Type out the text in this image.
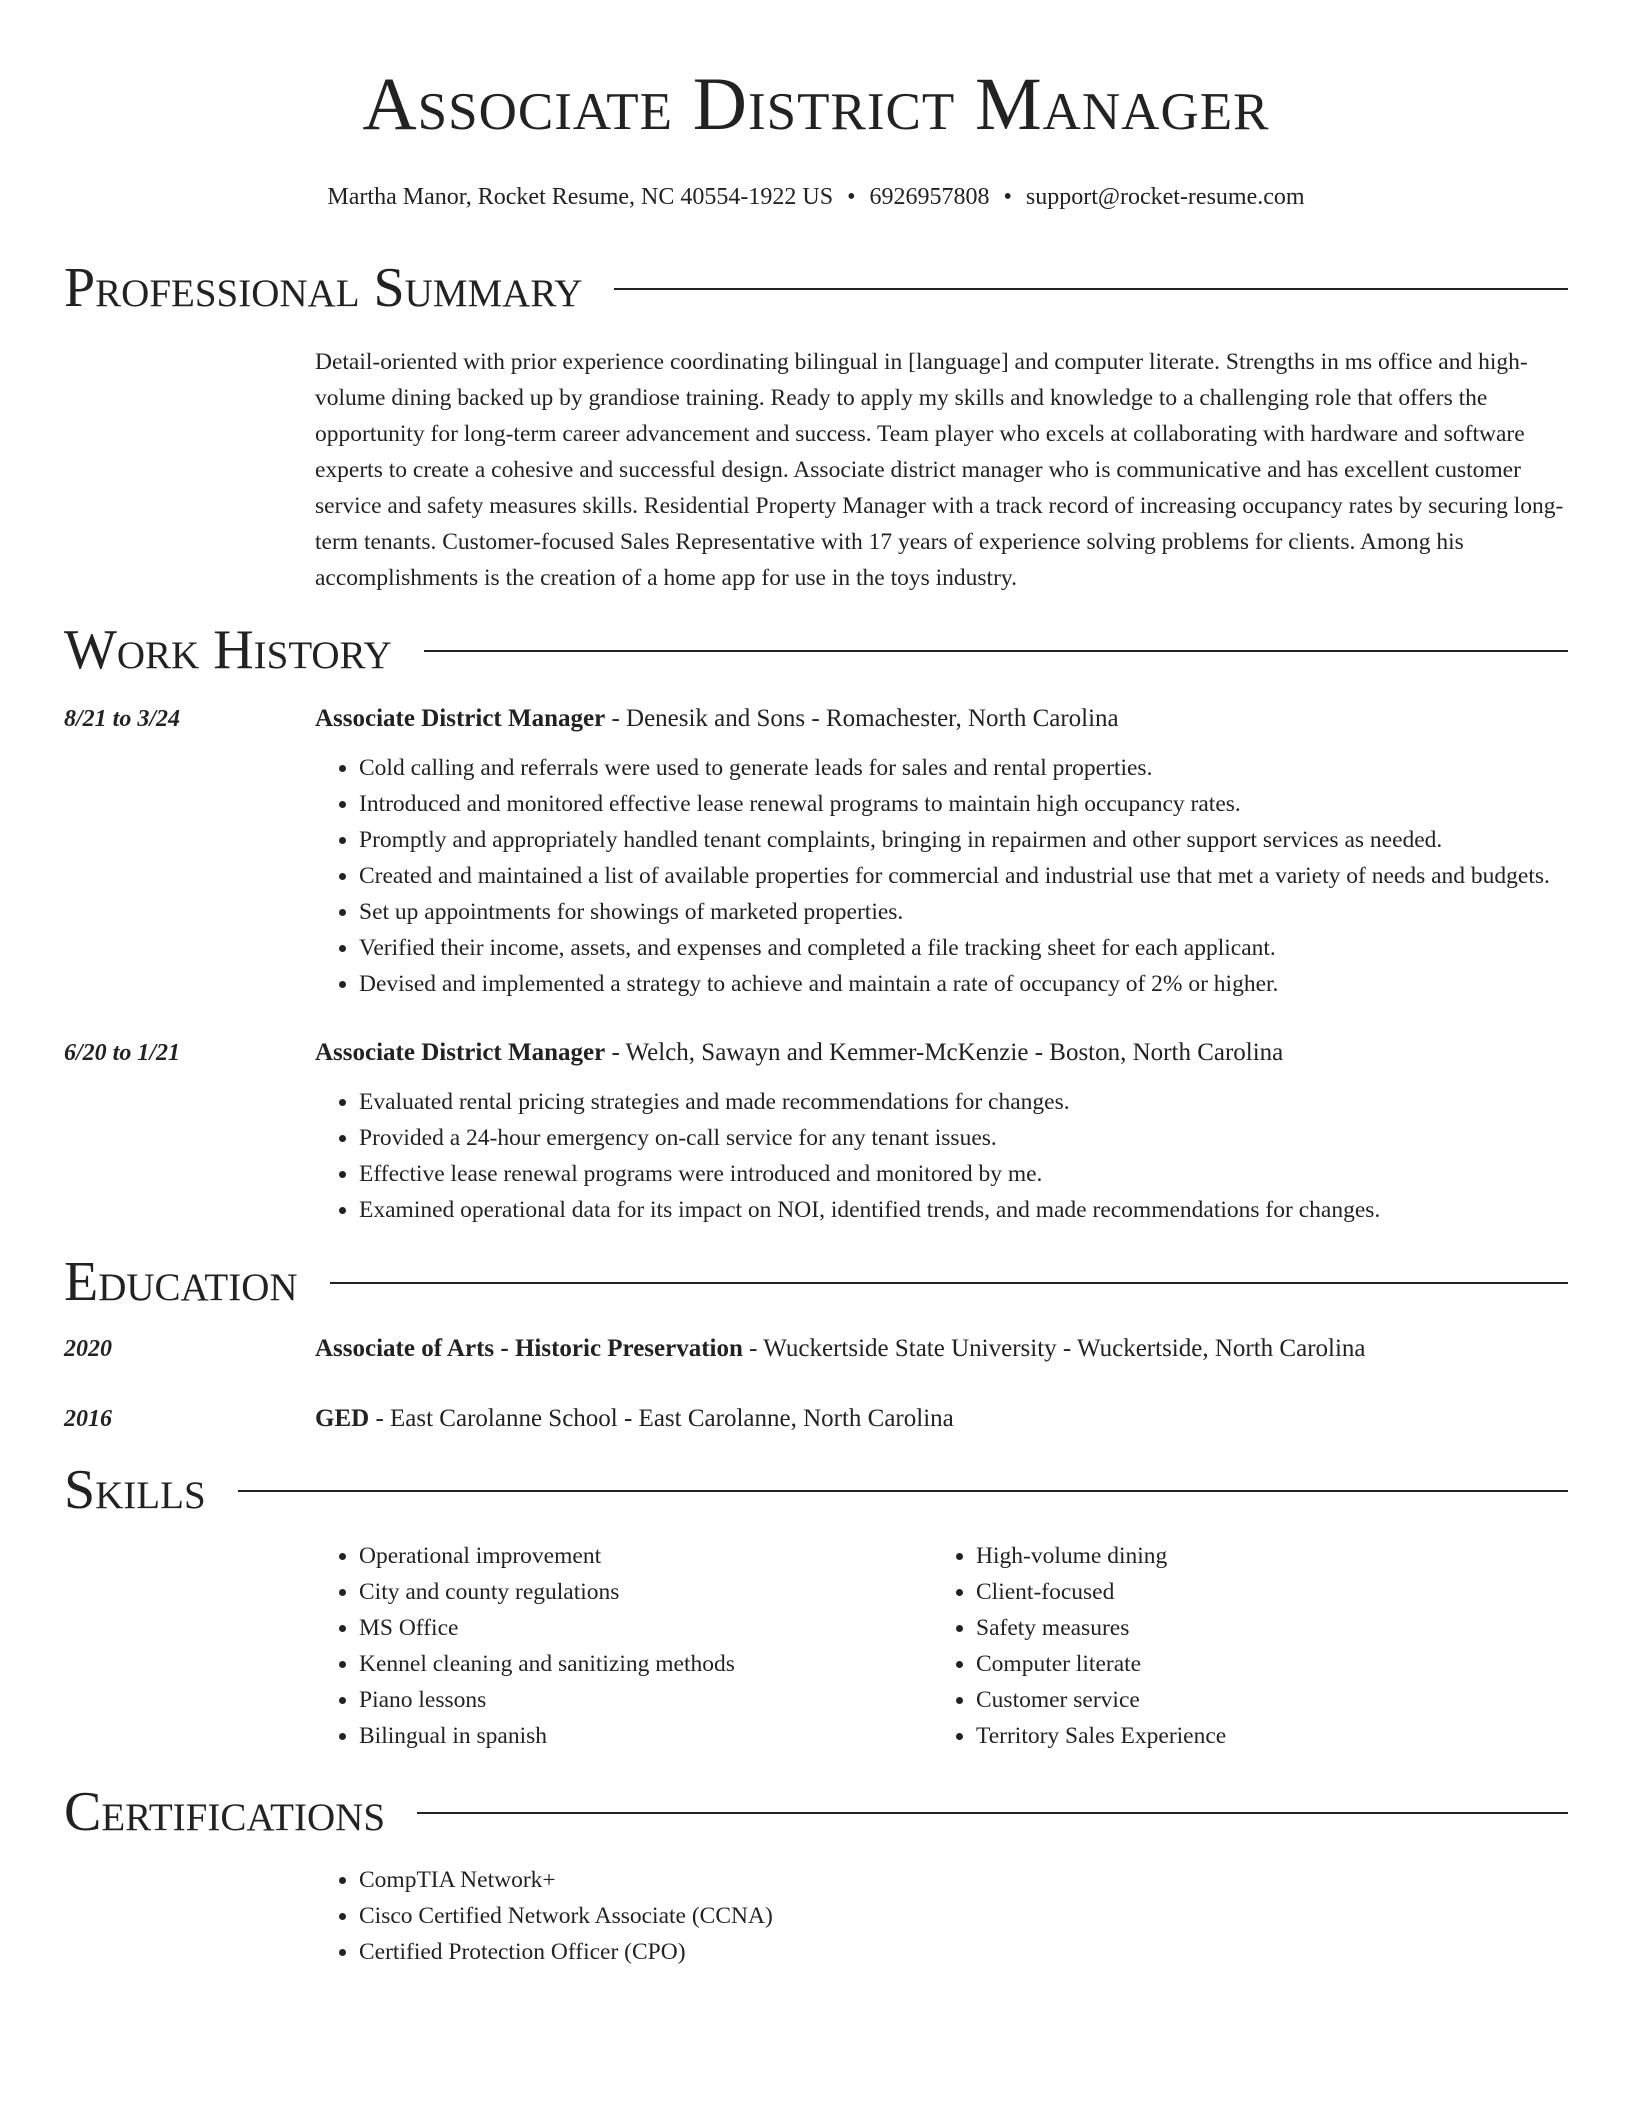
Associate District Manager
Martha Manor, Rocket Resume, NC 40554-1922 US • 6926957808 • support@rocket-resume.com
Professional Summary
Detail-oriented with prior experience coordinating bilingual in [language] and computer literate. Strengths in ms office and high-volume dining backed up by grandiose training. Ready to apply my skills and knowledge to a challenging role that offers the opportunity for long-term career advancement and success. Team player who excels at collaborating with hardware and software experts to create a cohesive and successful design. Associate district manager who is communicative and has excellent customer service and safety measures skills. Residential Property Manager with a track record of increasing occupancy rates by securing long-term tenants. Customer-focused Sales Representative with 17 years of experience solving problems for clients. Among his accomplishments is the creation of a home app for use in the toys industry.
Work History
8/21 to 3/24	Associate District Manager - Denesik and Sons - Romachester, North Carolina
• Cold calling and referrals were used to generate leads for sales and rental properties.
• Introduced and monitored effective lease renewal programs to maintain high occupancy rates.
• Promptly and appropriately handled tenant complaints, bringing in repairmen and other support services as needed.
• Created and maintained a list of available properties for commercial and industrial use that met a variety of needs and budgets.
• Set up appointments for showings of marketed properties.
• Verified their income, assets, and expenses and completed a file tracking sheet for each applicant.
• Devised and implemented a strategy to achieve and maintain a rate of occupancy of 2% or higher.
6/20 to 1/21	Associate District Manager - Welch, Sawayn and Kemmer-McKenzie - Boston, North Carolina
• Evaluated rental pricing strategies and made recommendations for changes.
• Provided a 24-hour emergency on-call service for any tenant issues.
• Effective lease renewal programs were introduced and monitored by me.
• Examined operational data for its impact on NOI, identified trends, and made recommendations for changes.
Education
2020	Associate of Arts - Historic Preservation - Wuckertside State University - Wuckertside, North Carolina
2016	GED - East Carolanne School - East Carolanne, North Carolina
Skills
• Operational improvement
• City and county regulations
• MS Office
• Kennel cleaning and sanitizing methods
• Piano lessons
• Bilingual in spanish
• High-volume dining
• Client-focused
• Safety measures
• Computer literate
• Customer service
• Territory Sales Experience
Certifications
• CompTIA Network+
• Cisco Certified Network Associate (CCNA)
• Certified Protection Officer (CPO)
